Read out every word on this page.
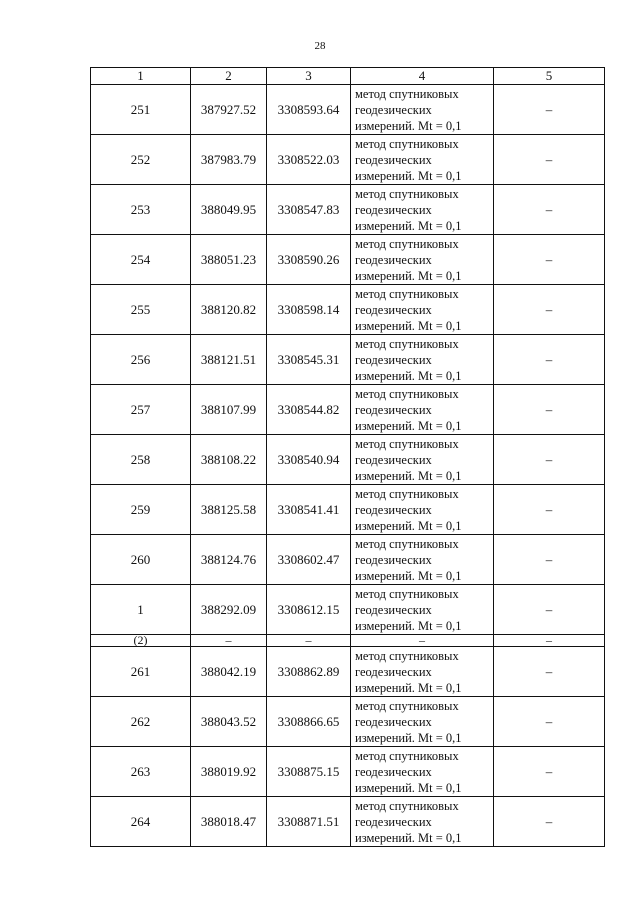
28
1	2	3	4	5
251	387927.52	3308593.64	метод спутниковых геодезических измерений. Mt = 0,1	–
252	387983.79	3308522.03	метод спутниковых геодезических измерений. Mt = 0,1	–
253	388049.95	3308547.83	метод спутниковых геодезических измерений. Mt = 0,1	–
254	388051.23	3308590.26	метод спутниковых геодезических измерений. Mt = 0,1	–
255	388120.82	3308598.14	метод спутниковых геодезических измерений. Mt = 0,1	–
256	388121.51	3308545.31	метод спутниковых геодезических измерений. Mt = 0,1	–
257	388107.99	3308544.82	метод спутниковых геодезических измерений. Mt = 0,1	–
258	388108.22	3308540.94	метод спутниковых геодезических измерений. Mt = 0,1	–
259	388125.58	3308541.41	метод спутниковых геодезических измерений. Mt = 0,1	–
260	388124.76	3308602.47	метод спутниковых геодезических измерений. Mt = 0,1	–
1	388292.09	3308612.15	метод спутниковых геодезических измерений. Mt = 0,1	–
(2)	–	–	–	–
261	388042.19	3308862.89	метод спутниковых геодезических измерений. Mt = 0,1	–
262	388043.52	3308866.65	метод спутниковых геодезических измерений. Mt = 0,1	–
263	388019.92	3308875.15	метод спутниковых геодезических измерений. Mt = 0,1	–
264	388018.47	3308871.51	метод спутниковых геодезических измерений. Mt = 0,1	–
